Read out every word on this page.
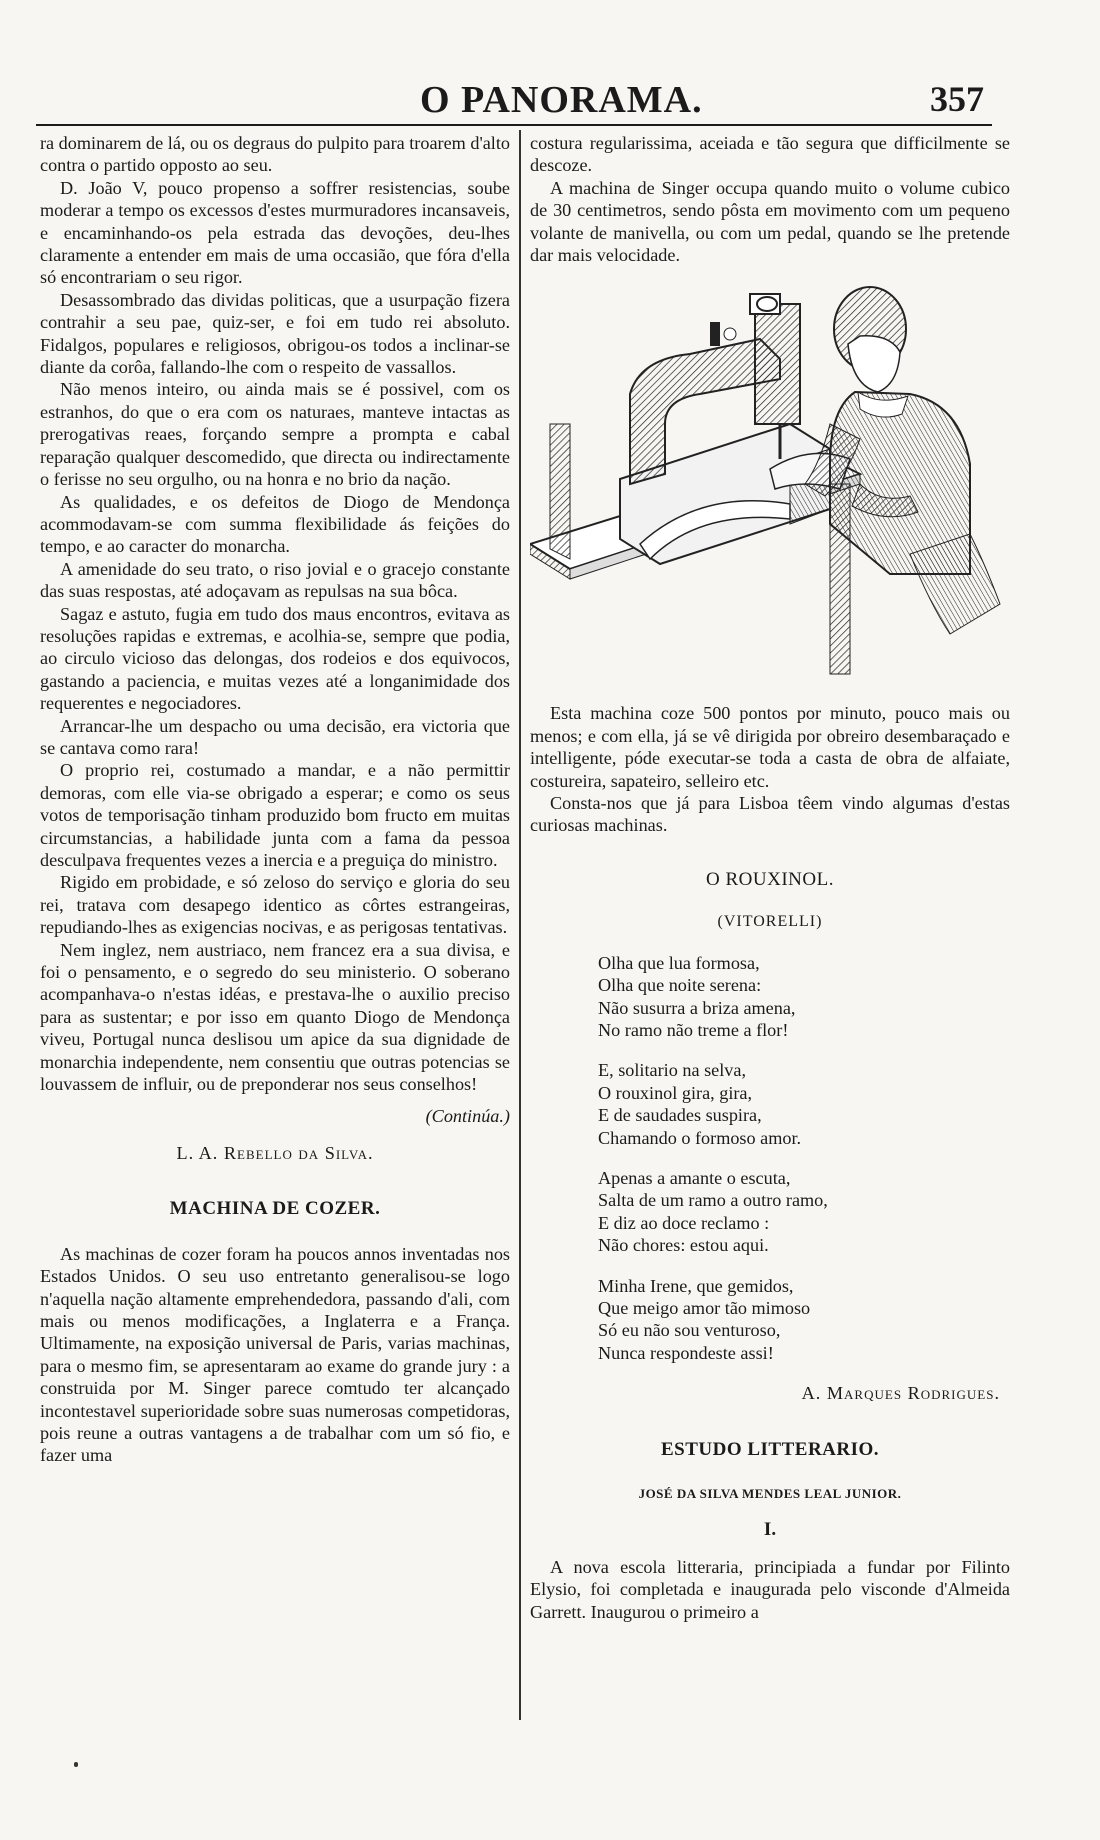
O PANORAMA.	357

ra dominarem de lá, ou os degraus do pulpito para troarem d'alto contra o partido opposto ao seu.

D. João V, pouco propenso a soffrer resistencias, soube moderar a tempo os excessos d'estes murmuradores incansaveis, e encaminhando-os pela estrada das devoções, deu-lhes claramente a entender em mais de uma occasião, que fóra d'ella só encontrariam o seu rigor.

Desassombrado das dividas politicas, que a usurpação fizera contrahir a seu pae, quiz-ser, e foi em tudo rei absoluto. Fidalgos, populares e religiosos, obrigou-os todos a inclinar-se diante da corôa, fallando-lhe com o respeito de vassallos.

Não menos inteiro, ou ainda mais se é possivel, com os estranhos, do que o era com os naturaes, manteve intactas as prerogativas reaes, forçando sempre a prompta e cabal reparação qualquer descomedido, que directa ou indirectamente o ferisse no seu orgulho, ou na honra e no brio da nação.

As qualidades, e os defeitos de Diogo de Mendonça acommodavam-se com summa flexibilidade ás feições do tempo, e ao caracter do monarcha.

A amenidade do seu trato, o riso jovial e o gracejo constante das suas respostas, até adoçavam as repulsas na sua bôca.

Sagaz e astuto, fugia em tudo dos maus encontros, evitava as resoluções rapidas e extremas, e acolhia-se, sempre que podia, ao circulo vicioso das delongas, dos rodeios e dos equivocos, gastando a paciencia, e muitas vezes até a longanimidade dos requerentes e negociadores.

Arrancar-lhe um despacho ou uma decisão, era victoria que se cantava como rara!

O proprio rei, costumado a mandar, e a não permittir demoras, com elle via-se obrigado a esperar; e como os seus votos de temporisação tinham produzido bom fructo em muitas circumstancias, a habilidade junta com a fama da pessoa desculpava frequentes vezes a inercia e a preguiça do ministro.

Rigido em probidade, e só zeloso do serviço e gloria do seu rei, tratava com desapego identico as côrtes estrangeiras, repudiando-lhes as exigencias nocivas, e as perigosas tentativas.

Nem inglez, nem austriaco, nem francez era a sua divisa, e foi o pensamento, e o segredo do seu ministerio. O soberano acompanhava-o n'estas idéas, e prestava-lhe o auxilio preciso para as sustentar; e por isso em quanto Diogo de Mendonça viveu, Portugal nunca deslisou um apice da sua dignidade de monarchia independente, nem consentiu que outras potencias se louvassem de influir, ou de preponderar nos seus conselhos!

(Continúa.)

L. A. Rebello da Silva.

MACHINA DE COZER.

As machinas de cozer foram ha poucos annos inventadas nos Estados Unidos. O seu uso entretanto generalisou-se logo n'aquella nação altamente emprehendedora, passando d'ali, com mais ou menos modificações, a Inglaterra e a França. Ultimamente, na exposição universal de Paris, varias machinas, para o mesmo fim, se apresentaram ao exame do grande jury : a construida por M. Singer parece comtudo ter alcançado incontestavel superioridade sobre suas numerosas competidoras, pois reune a outras vantagens a de trabalhar com um só fio, e fazer uma

costura regularissima, aceiada e tão segura que difficilmente se descoze.

A machina de Singer occupa quando muito o volume cubico de 30 centimetros, sendo pôsta em movimento com um pequeno volante de manivella, ou com um pedal, quando se lhe pretende dar mais velocidade.

Esta machina coze 500 pontos por minuto, pouco mais ou menos; e com ella, já se vê dirigida por obreiro desembaraçado e intelligente, póde executar-se toda a casta de obra de alfaiate, costureira, sapateiro, selleiro etc.

Consta-nos que já para Lisboa têem vindo algumas d'estas curiosas machinas.

O ROUXINOL.

(VITORELLI)

Olha que lua formosa,
Olha que noite serena:
Não susurra a briza amena,
No ramo não treme a flor!

E, solitario na selva,
O rouxinol gira, gira,
E de saudades suspira,
Chamando o formoso amor.

Apenas a amante o escuta,
Salta de um ramo a outro ramo,
E diz ao doce reclamo :
Não chores: estou aqui.

Minha Irene, que gemidos,
Que meigo amor tão mimoso
Só eu não sou venturoso,
Nunca respondeste assi!

A. Marques Rodrigues.

ESTUDO LITTERARIO.

JOSÉ DA SILVA MENDES LEAL JUNIOR.

I.

A nova escola litteraria, principiada a fundar por Filinto Elysio, foi completada e inaugurada pelo visconde d'Almeida Garrett. Inaugurou o primeiro a
